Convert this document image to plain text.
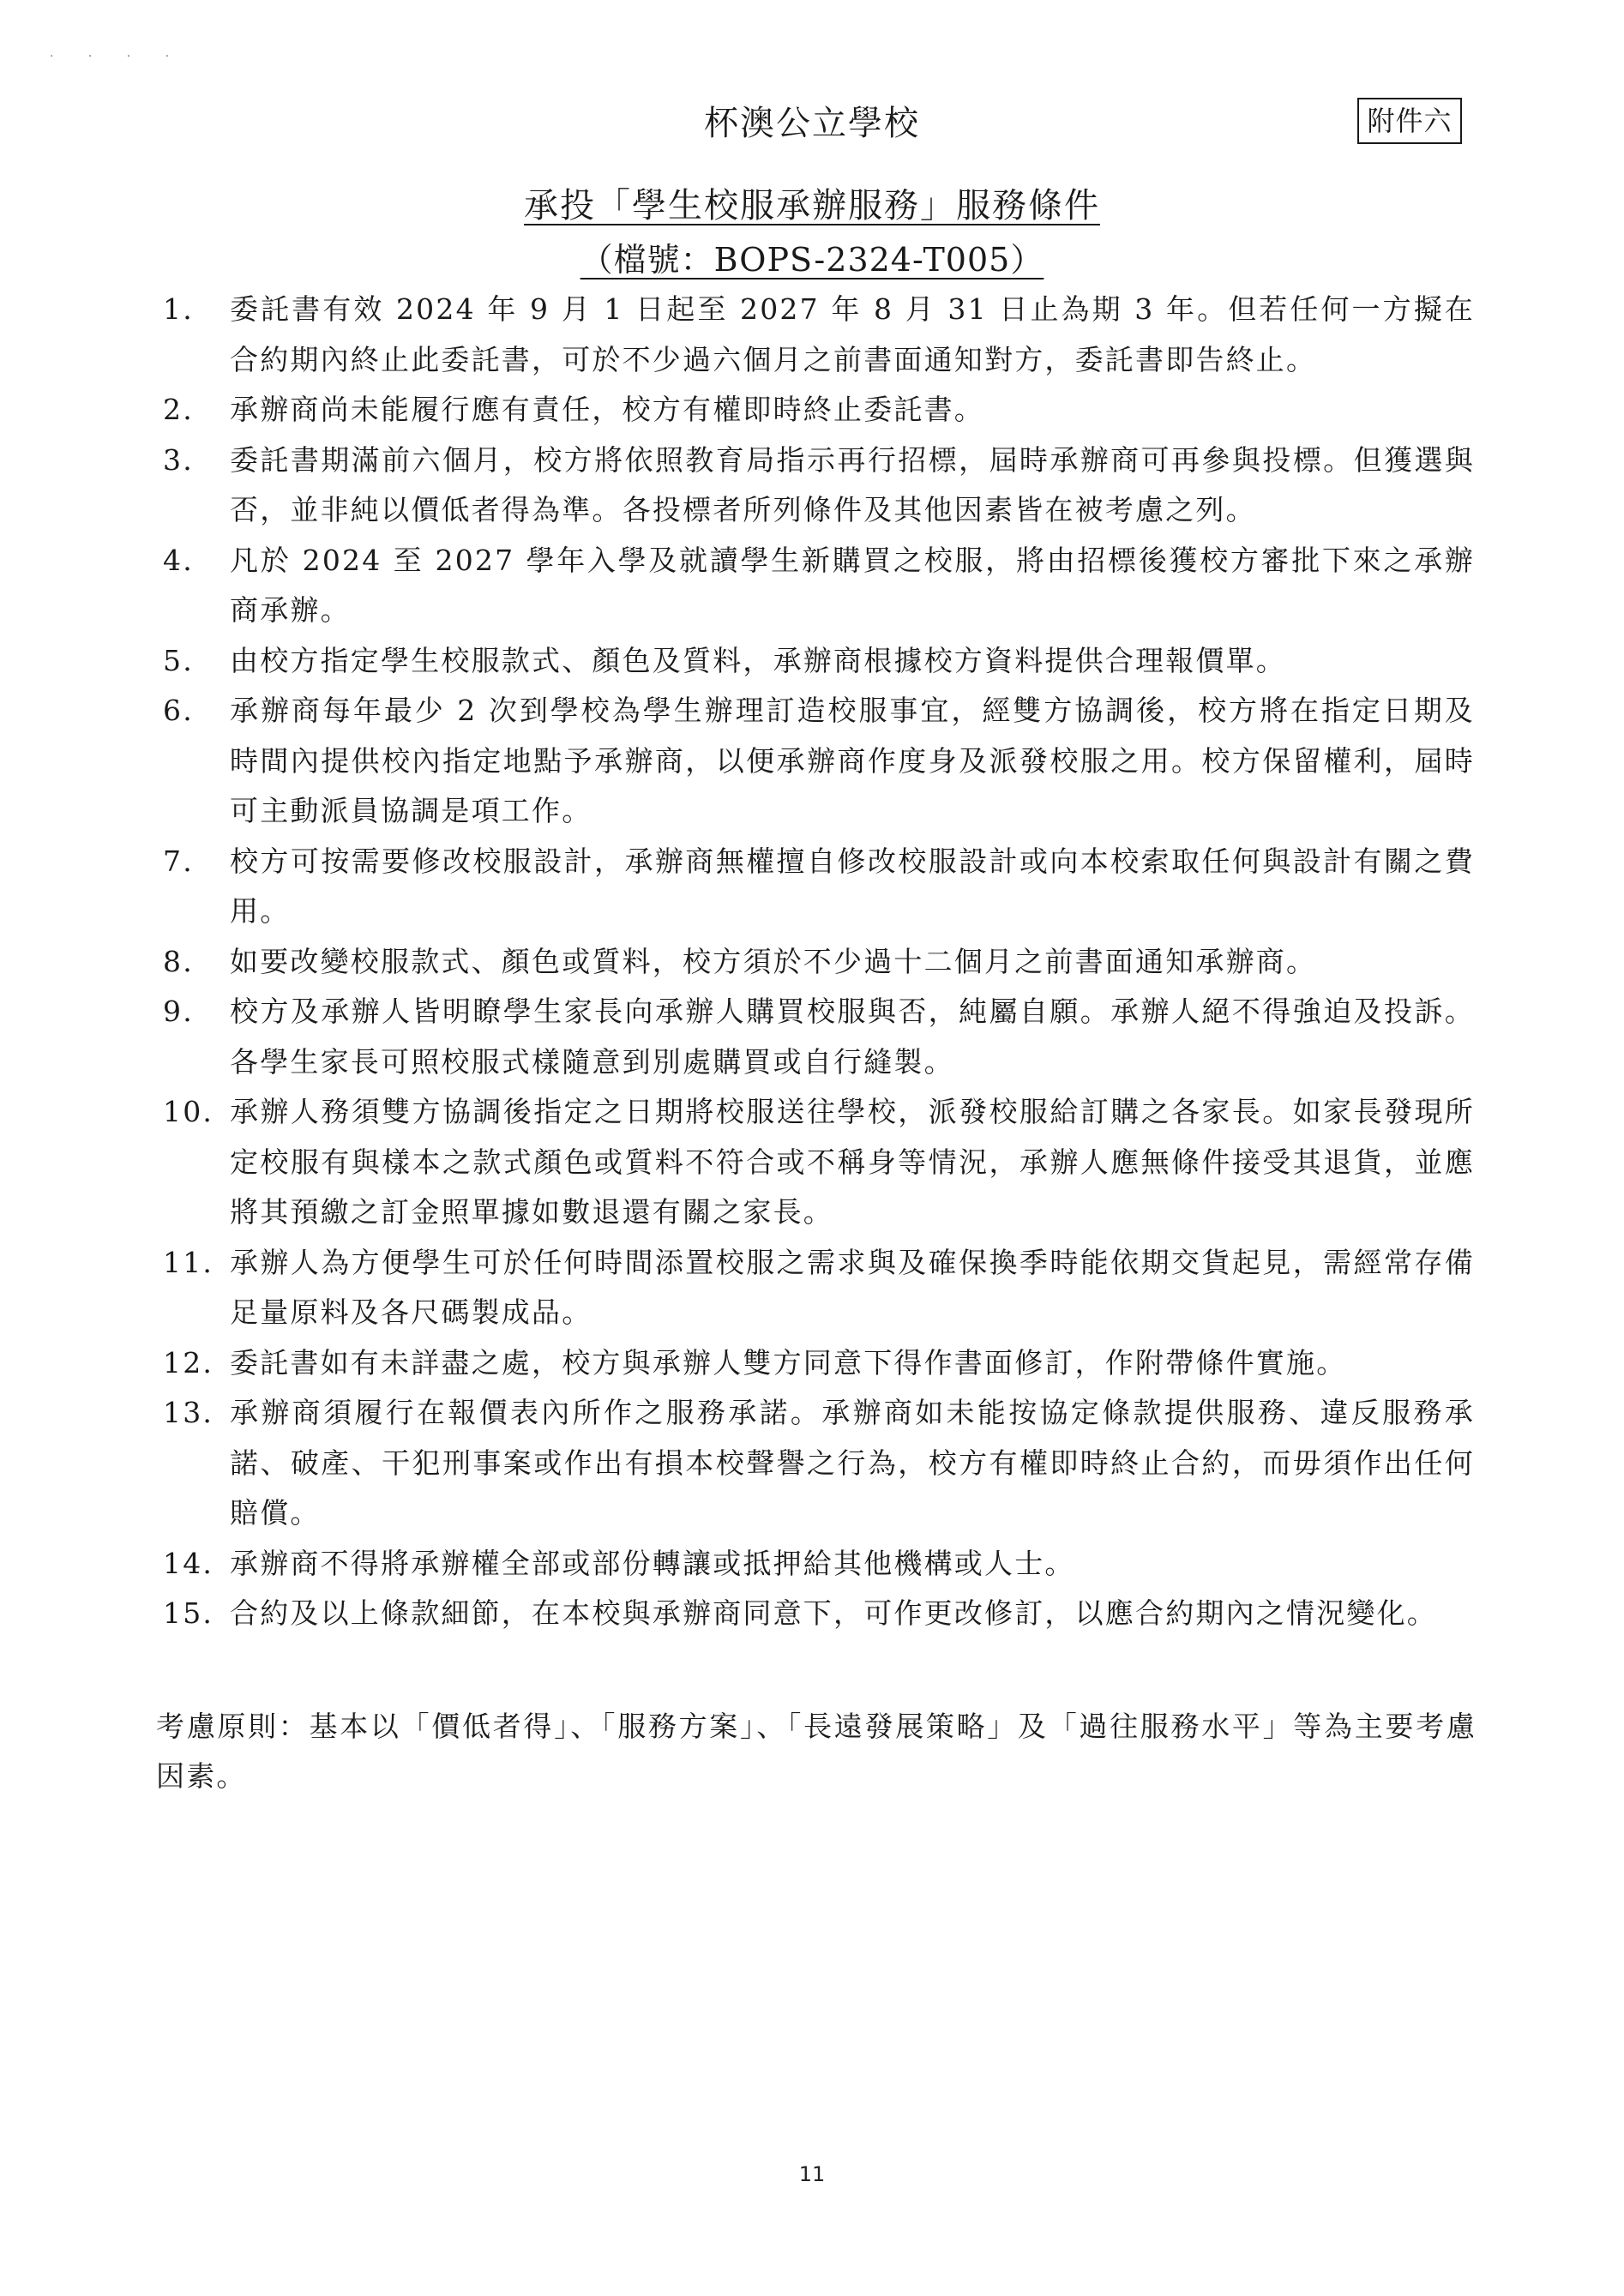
· · · ·
杯澳公立學校	附件六
承投「學生校服承辦服務」服務條件
（檔號：BOPS-2324-T005）
1.	委託書有效 2024 年 9 月 1 日起至 2027 年 8 月 31 日止為期 3 年。但若任何一方擬在合約期內終止此委託書，可於不少過六個月之前書面通知對方，委託書即告終止。
2.	承辦商尚未能履行應有責任，校方有權即時終止委託書。
3.	委託書期滿前六個月，校方將依照教育局指示再行招標，屆時承辦商可再參與投標。但獲選與否，並非純以價低者得為準。各投標者所列條件及其他因素皆在被考慮之列。
4.	凡於 2024 至 2027 學年入學及就讀學生新購買之校服，將由招標後獲校方審批下來之承辦商承辦。
5.	由校方指定學生校服款式、顏色及質料，承辦商根據校方資料提供合理報價單。
6.	承辦商每年最少 2 次到學校為學生辦理訂造校服事宜，經雙方協調後，校方將在指定日期及時間內提供校內指定地點予承辦商，以便承辦商作度身及派發校服之用。校方保留權利，屆時可主動派員協調是項工作。
7.	校方可按需要修改校服設計，承辦商無權擅自修改校服設計或向本校索取任何與設計有關之費用。
8.	如要改變校服款式、顏色或質料，校方須於不少過十二個月之前書面通知承辦商。
9.	校方及承辦人皆明瞭學生家長向承辦人購買校服與否，純屬自願。承辦人絕不得強迫及投訴。各學生家長可照校服式樣隨意到別處購買或自行縫製。
10. 承辦人務須雙方協調後指定之日期將校服送往學校，派發校服給訂購之各家長。如家長發現所定校服有與樣本之款式顏色或質料不符合或不稱身等情況，承辦人應無條件接受其退貨，並應將其預繳之訂金照單據如數退還有關之家長。
11. 承辦人為方便學生可於任何時間添置校服之需求與及確保換季時能依期交貨起見，需經常存備足量原料及各尺碼製成品。
12. 委託書如有未詳盡之處，校方與承辦人雙方同意下得作書面修訂，作附帶條件實施。
13. 承辦商須履行在報價表內所作之服務承諾。承辦商如未能按協定條款提供服務、違反服務承諾、破產、干犯刑事案或作出有損本校聲譽之行為，校方有權即時終止合約，而毋須作出任何賠償。
14. 承辦商不得將承辦權全部或部份轉讓或抵押給其他機構或人士。
15. 合約及以上條款細節，在本校與承辦商同意下，可作更改修訂，以應合約期內之情況變化。
考慮原則：基本以「價低者得」、「服務方案」、「長遠發展策略」及「過往服務水平」等為主要考慮因素。
11
